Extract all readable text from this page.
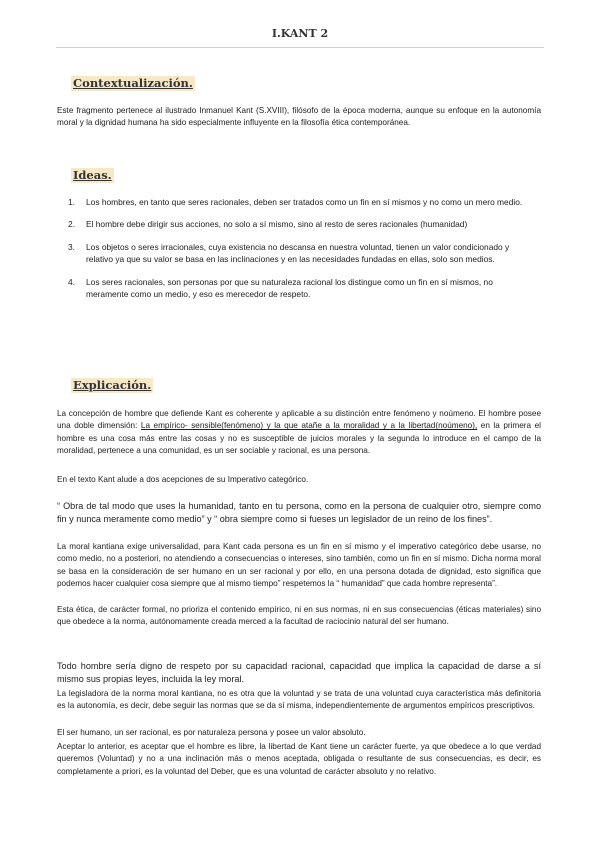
I.KANT 2
Contextualización.

Este fragmento pertenece al ilustrado Inmanuel Kant (S.XVIII), filósofo de la época moderna, aunque su enfoque en la autonomía moral y la dignidad humana ha sido especialmente influyente en la filosofía ética contemporánea.

Ideas.
1. Los hombres, en tanto que seres racionales, deben ser tratados como un fin en sí mismos y no como un mero medio.
2. El hombre debe dirigir sus acciones, no solo a sí mismo, sino al resto de seres racionales (humanidad)
3. Los objetos o seres irracionales, cuya existencia no descansa en nuestra voluntad, tienen un valor condicionado y relativo ya que su valor se basa en las inclinaciones y en las necesidades fundadas en ellas, solo son medios.
4. Los seres racionales, son personas por que su naturaleza racional los distingue como un fin en sí mismos, no meramente como un medio, y eso es merecedor de respeto.
Explicación.

La concepción de hombre que defiende Kant es coherente y aplicable a su distinción entre fenómeno y noúmeno. El hombre posee una doble dimensión: La empírico- sensible(fenómeno) y la que atañe a la moralidad y a la libertad(noúmeno), en la primera el hombre es una cosa más entre las cosas y no es susceptible de juicios morales y la segunda lo introduce en el campo de la moralidad, pertenece a una comunidad, es un ser sociable y racional, es una persona.

En el texto Kant alude a dos acepciones de su Imperativo categórico.

“ Obra de tal modo que uses la humanidad, tanto en tu persona, como en la persona de cualquier otro, siempre como fin y nunca meramente como medio” y “ obra siempre como si fueses un legislador de un reino de los fines”.

La moral kantiana exige universalidad, para Kant cada persona es un fin en sí mismo y el imperativo categórico debe usarse, no como medio, no a posteriori, no atendiendo a consecuencias o intereses, sino también, como un fin en sí mismo. Dicha norma moral se basa en la consideración de ser humano en un ser racional y por ello, en una persona dotada de dignidad, esto significa que podemos hacer cualquier cosa siempre que al mismo tiempo” respetemos la “ humanidad” que cada hombre representa”.

Esta ética, de carácter formal, no prioriza el contenido empírico, ni en sus normas, ni en sus consecuencias (éticas materiales) sino que obedece a la norma, autónomamente creada merced a la facultad de raciocinio natural del ser humano.

Todo hombre sería digno de respeto por su capacidad racional, capacidad que implica la capacidad de darse a sí mismo sus propias leyes, incluida la ley moral.

La legisladora de la norma moral kantiana, no es otra que la voluntad y se trata de una voluntad cuya característica más definitoria es la autonomía, es decir, debe seguir las normas que se da sí misma, independientemente de argumentos empíricos prescriptivos.

El ser humano, un ser racional, es por naturaleza persona y posee un valor absoluto.

Aceptar lo anterior, es aceptar que el hombre es libre, la libertad de Kant tiene un carácter fuerte, ya que obedece a lo que verdad queremos (Voluntad) y no a una inclinación más o menos aceptada, obligada o resultante de sus consecuencias, es decir, es completamente a priori, es la voluntad del Deber, que es una voluntad de carácter absoluto y no relativo.
